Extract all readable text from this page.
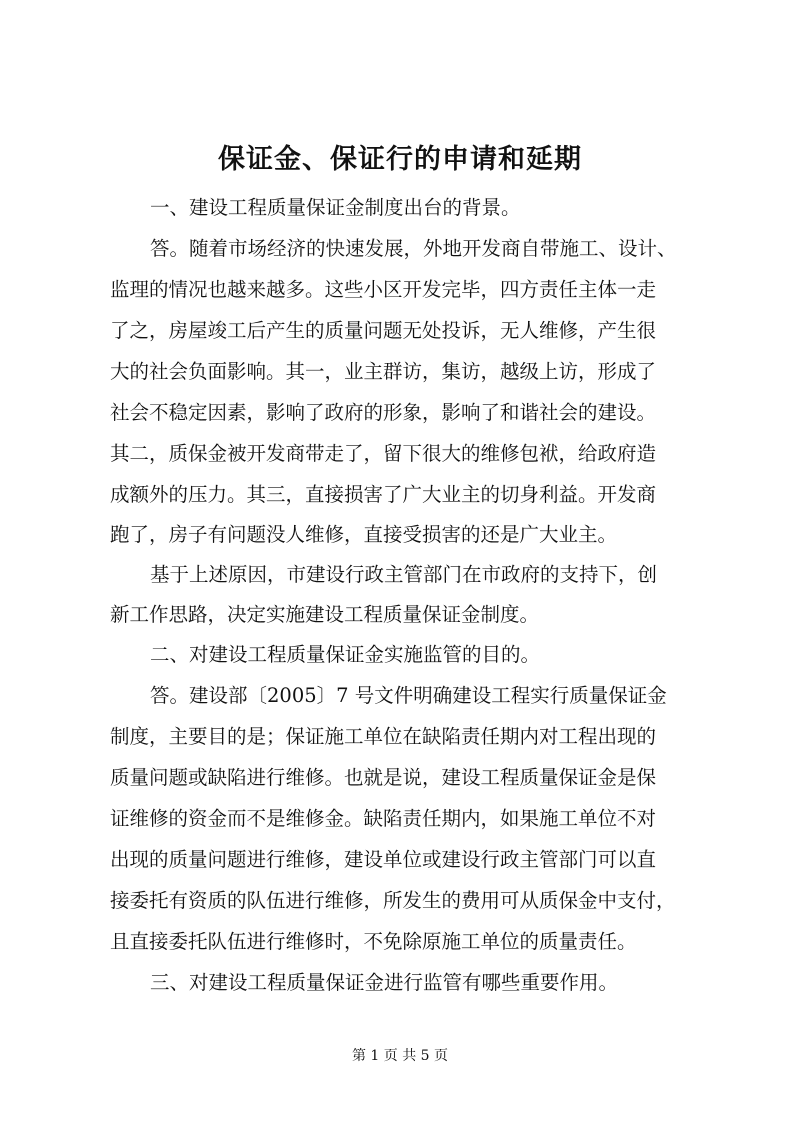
保证金、保证行的申请和延期
一、建设工程质量保证金制度出台的背景。
答。随着市场经济的快速发展，外地开发商自带施工、设计、
监理的情况也越来越多。这些小区开发完毕，四方责任主体一走
了之，房屋竣工后产生的质量问题无处投诉，无人维修，产生很
大的社会负面影响。其一，业主群访，集访，越级上访，形成了
社会不稳定因素，影响了政府的形象，影响了和谐社会的建设。
其二，质保金被开发商带走了，留下很大的维修包袱，给政府造
成额外的压力。其三，直接损害了广大业主的切身利益。开发商
跑了，房子有问题没人维修，直接受损害的还是广大业主。
基于上述原因，市建设行政主管部门在市政府的支持下，创
新工作思路，决定实施建设工程质量保证金制度。
二、对建设工程质量保证金实施监管的目的。
答。建设部〔2005〕7 号文件明确建设工程实行质量保证金
制度，主要目的是；保证施工单位在缺陷责任期内对工程出现的
质量问题或缺陷进行维修。也就是说，建设工程质量保证金是保
证维修的资金而不是维修金。缺陷责任期内，如果施工单位不对
出现的质量问题进行维修，建设单位或建设行政主管部门可以直
接委托有资质的队伍进行维修，所发生的费用可从质保金中支付，
且直接委托队伍进行维修时，不免除原施工单位的质量责任。
三、对建设工程质量保证金进行监管有哪些重要作用。
第 1 页 共 5 页
